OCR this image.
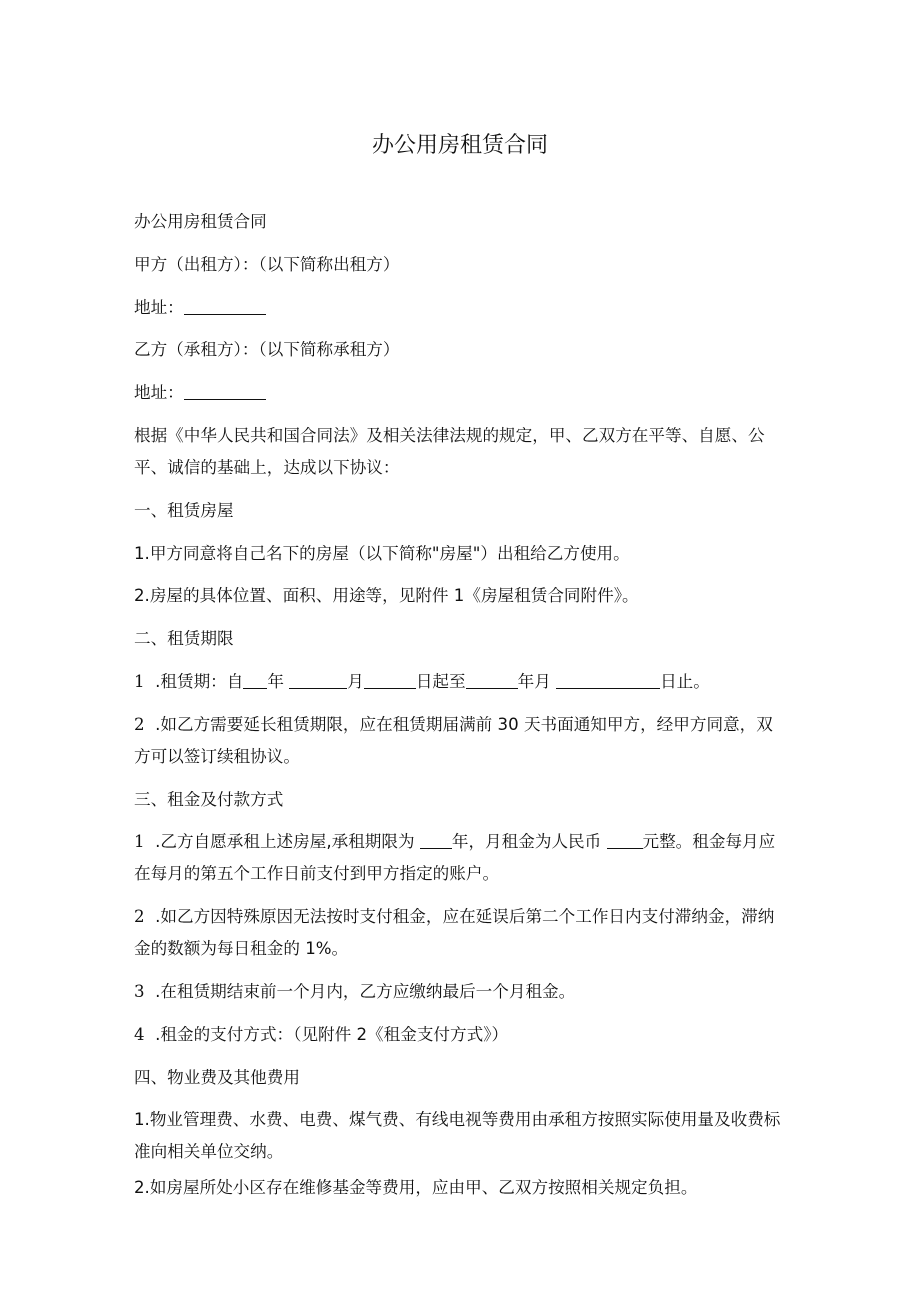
办公用房租赁合同

办公用房租赁合同

甲方（出租方）：（以下简称出租方）

地址：

乙方（承租方）：（以下简称承租方）

地址：

根据《中华人民共和国合同法》及相关法律法规的规定，甲、乙双方在平等、自愿、公平、诚信的基础上，达成以下协议：

一、租赁房屋

1.甲方同意将自己名下的房屋（以下简称"房屋"）出租给乙方使用。

2.房屋的具体位置、面积、用途等，见附件 1《房屋租赁合同附件》。

二、租赁期限

1 .租赁期：自 年	月	日起至	年月	日止。

2 .如乙方需要延长租赁期限，应在租赁期届满前 30 天书面通知甲方，经甲方同意，双方可以签订续租协议。

三、租金及付款方式

1 .乙方自愿承租上述房屋,承租期限为 年，月租金为人民币 元整。租金每月应在每月的第五个工作日前支付到甲方指定的账户。

2 .如乙方因特殊原因无法按时支付租金，应在延误后第二个工作日内支付滞纳金，滞纳金的数额为每日租金的 1%。

3 .在租赁期结束前一个月内，乙方应缴纳最后一个月租金。

4 .租金的支付方式：（见附件 2《租金支付方式》）

四、物业费及其他费用

1.物业管理费、水费、电费、煤气费、有线电视等费用由承租方按照实际使用量及收费标准向相关单位交纳。

2.如房屋所处小区存在维修基金等费用，应由甲、乙双方按照相关规定负担。
